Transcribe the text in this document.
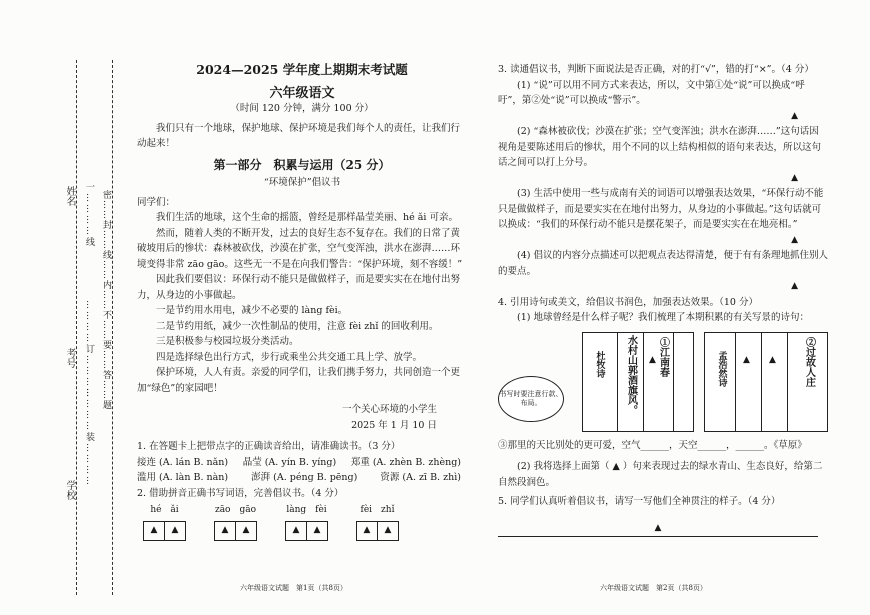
姓名
考号
学校
一…………线
…………订…………
…………装…………
密……封……线……内……不……要……答……题
2024—2025 学年度上期期末考试题
六年级语文
（时间 120 分钟，满分 100 分）

我们只有一个地球，保护地球、保护环境是我们每个人的责任，让我们行动起来！

第一部分　积累与运用（25 分）
“环境保护”倡议书

同学们：

我们生活的地球，这个生命的摇篮，曾经是那样晶莹美丽、hé ǎi 可亲。

然而，随着人类的不断开发，过去的良好生态不复存在。我们的日常了黄破坡用后的惨状：森林被砍伐，沙漠在扩张，空气变浑浊，洪水在澎湃……环境变得非常 zāo gāo。这些无一不是在向我们警告：“保护环境，刻不容缓！”

因此我们要倡议：环保行动不能只是做做样子，而是要实实在在地付出努力，从身边的小事做起。

一是节约用水用电，减少不必要的 làng fèi。

二是节约用纸，减少一次性制品的使用，注意 fèi zhǐ 的回收利用。

三是积极参与校园垃圾分类活动。

四是选择绿色出行方式，步行或乘坐公共交通工具上学、放学。

保护环境，人人有责。亲爱的同学们，让我们携手努力，共同创造一个更加“绿色”的家园吧！

一个关心环境的小学生

2025 年 1 月 10 日

1. 在答题卡上把带点字的正确读音给出，请准确读书。（3 分）

接连 (A. lán B. nǎn) 晶莹 (A. yín B. yíng) 郑重 (A. zhèn B. zhèng)
滥用 (A. làn B. nàn) 澎湃 (A. péng B. pēng) 资源 (A. zī B. zhì)

2. 借助拼音正确书写词语，完善倡议书。（4 分）

hé　ǎi
▲	▲
zāo　gāo
▲	▲
làng　fèi
▲	▲
fèi　zhǐ
▲	▲
六年级语文试题　第1页（共8页）

3. 读通倡议书，判断下面说法是否正确，对的打“√”，错的打“×”。（4 分）

(1) “说”可以用不同方式来表达，所以，文中第①处“说”可以换成“呼吁”，第②处“说”可以换成“警示”。

▲

(2) “森林被砍伐；沙漠在扩张；空气变浑浊；洪水在澎湃……”这句话因视角是要陈述用后的惨状，用个不同的以上结构相似的语句来表达，所以这句话之间可以打上分号。

▲

(3) 生活中使用一些与成南有关的词语可以增强表达效果，“环保行动不能只是做做样子，而是要实实在在地付出努力，从身边的小事做起。”这句话就可以换成：“我们的环保行动不能只是摆花架子，而是要实实在在地亮相。”

▲

(4) 倡议的内容分点描述可以把观点表达得清楚，便于有有条理地抓住别人的要点。

▲

4. 引用诗句或美文，给倡议书润色，加强表达效果。（10 分）

(1) 地球曾经是什么样子呢？我们梳理了本期积累的有关写景的诗句：

书写时要注意行款、布局。
杜牧诗 水村山郭酒旗风。 ①江南春
▲	孟浩然诗 ▲ ▲	②过故人庄

③那里的天比别处的更可爱，空气______，天空______，______。《草原》

(2) 我将选择上面第（ ▲ ）句来表现过去的绿水青山、生态良好，给第二自然段润色。

5. 同学们认真听着倡议书，请写一写他们全神贯注的样子。（4 分）

▲
六年级语文试题　第2页（共8页）
